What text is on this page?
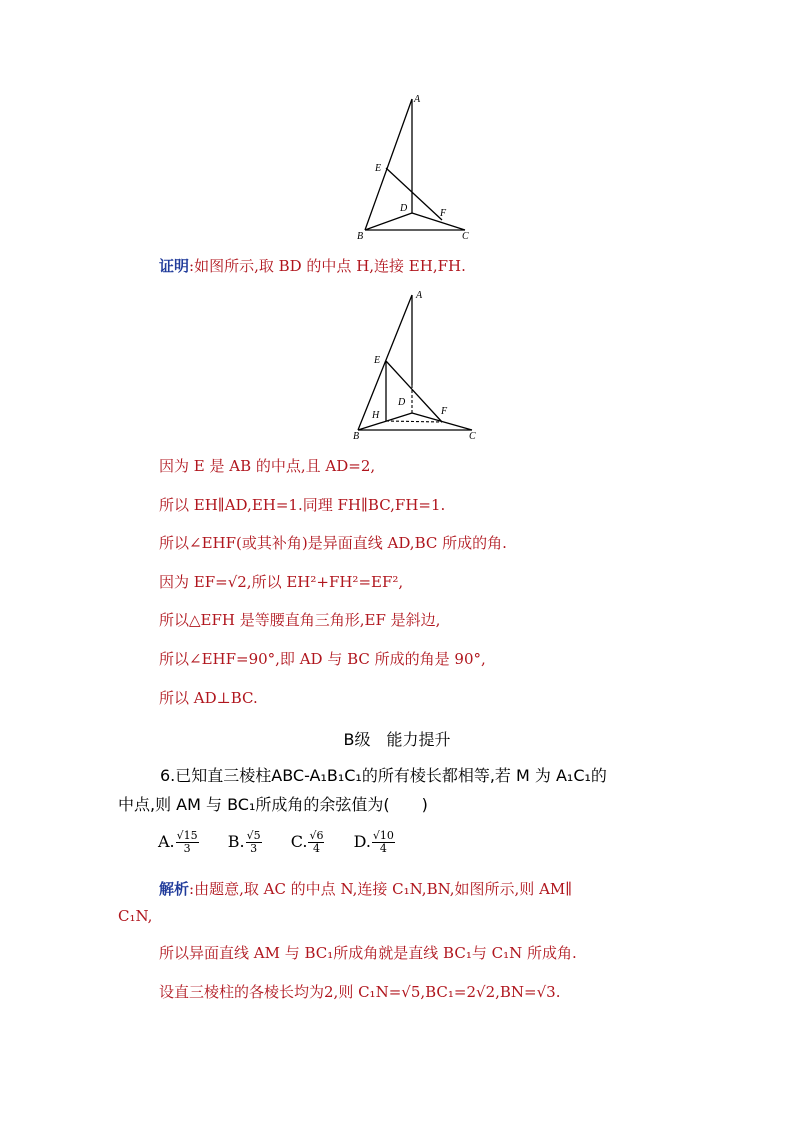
A
E
D	F
B	C
证明:如图所示,取 BD 的中点 H,连接 EH,FH.
A
E
D
H	F
B	C
因为 E 是 AB 的中点,且 AD=2,
所以 EH∥AD,EH=1.同理 FH∥BC,FH=1.
所以∠EHF(或其补角)是异面直线 AD,BC 所成的角.
因为 EF=√2,所以 EH²+FH²=EF²,
所以△EFH 是等腰直角三角形,EF 是斜边,
所以∠EHF=90°,即 AD 与 BC 所成的角是 90°,
所以 AD⊥BC.
B级　能力提升
6.已知直三棱柱ABC-A₁B₁C₁的所有棱长都相等,若 M 为 A₁C₁的
中点,则 AM 与 BC₁所成角的余弦值为(　　)
A. $\frac{√15}{3} B$. $\frac{√5}{3} C$. $\frac{√6}{4} D$. $\frac{√10}{4}$
解析:由题意,取 AC 的中点 N,连接 C₁N,BN,如图所示,则 AM∥
C₁N,
所以异面直线 AM 与 BC₁所成角就是直线 BC₁与 C₁N 所成角.
设直三棱柱的各棱长均为2,则 C₁N=√5,BC₁=2√2,BN=√3.
